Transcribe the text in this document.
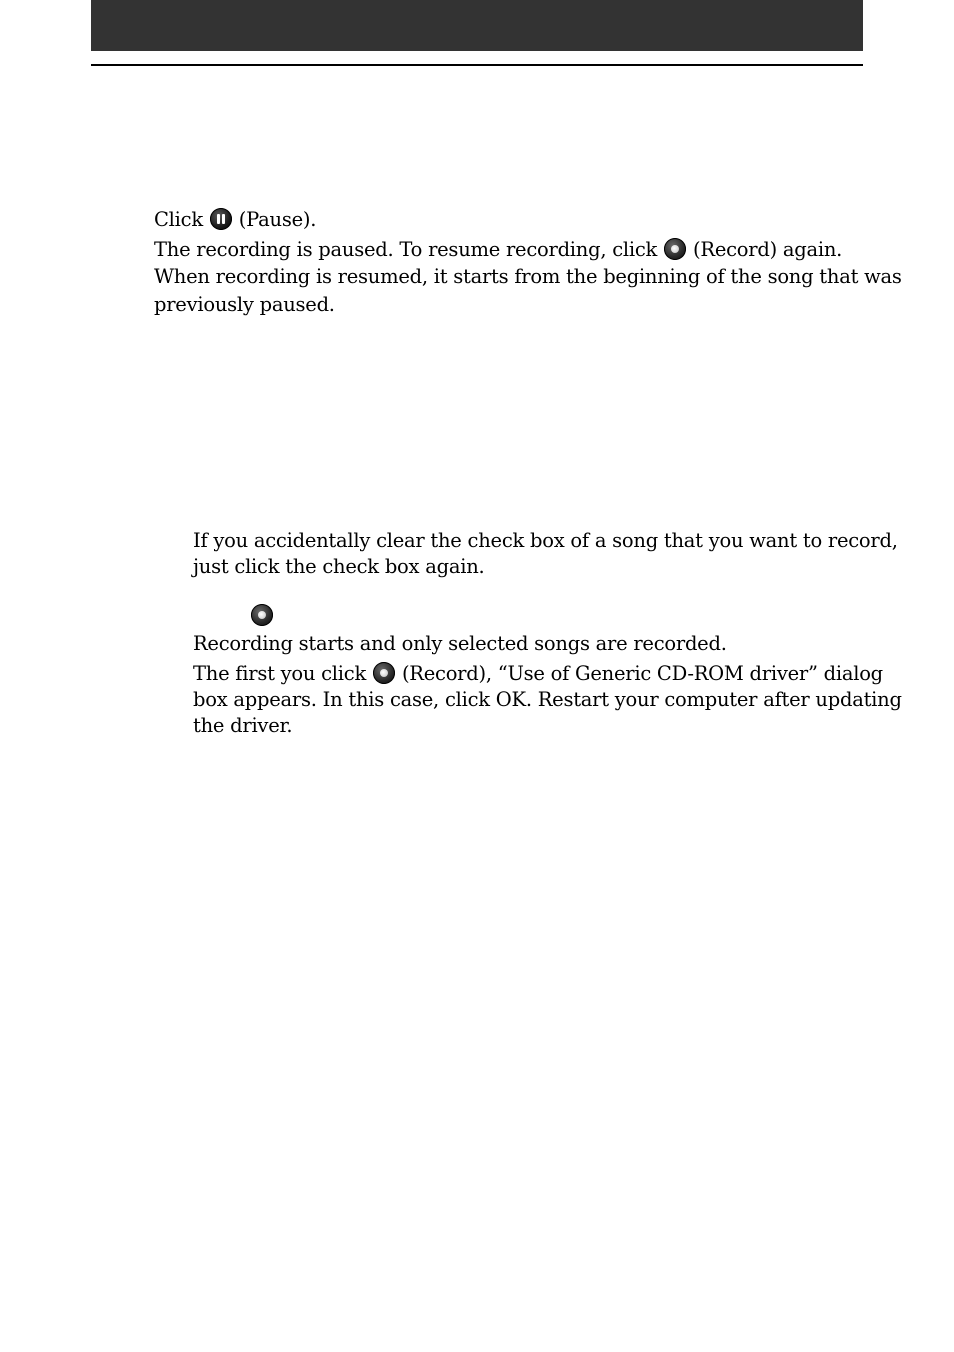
Click (Pause).
The recording is paused. To resume recording, click (Record) again.
When recording is resumed, it starts from the beginning of the song that was
previously paused.
If you accidentally clear the check box of a song that you want to record,
just click the check box again.
Recording starts and only selected songs are recorded.
The first you click (Record), “Use of Generic CD-ROM driver” dialog
box appears. In this case, click OK. Restart your computer after updating
the driver.
